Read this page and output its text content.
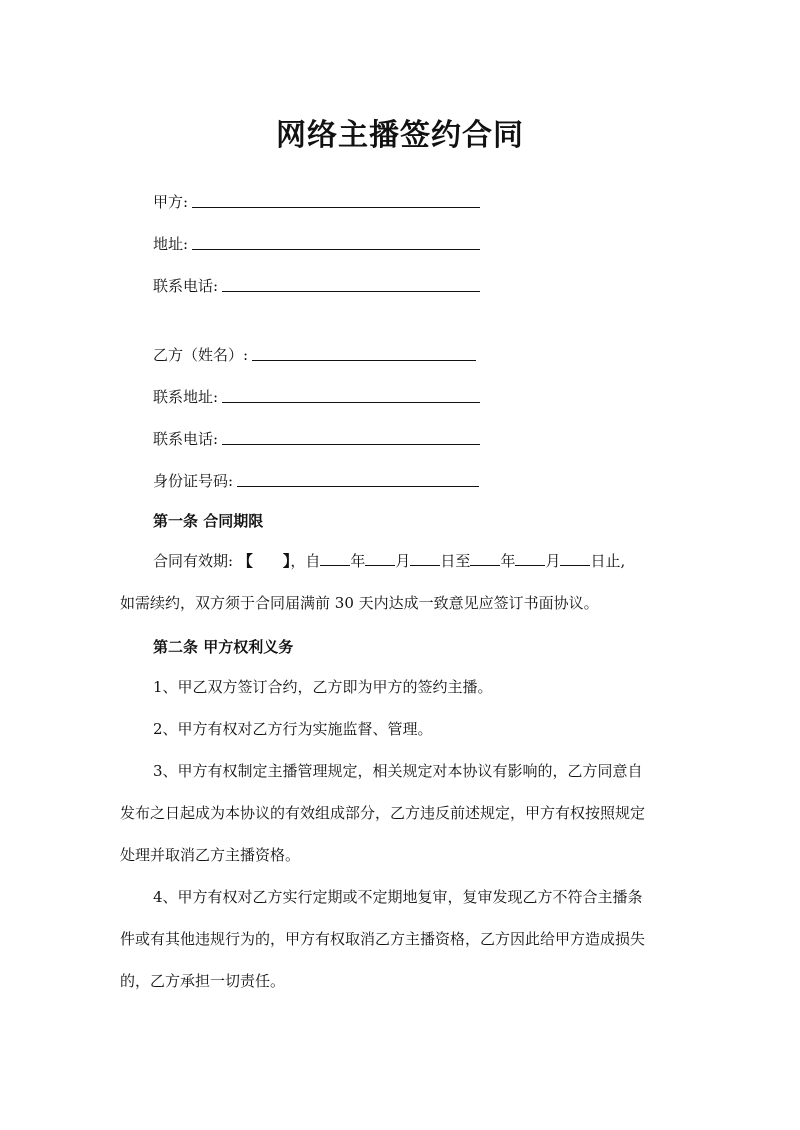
网络主播签约合同
甲方:
地址:
联系电话:
乙方（姓名）:
联系地址:
联系电话:
身份证号码:
第一条 合同期限
合同有效期: 【 】，自 年 月 日至 年 月 日止,
如需续约，双方须于合同届满前 30 天内达成一致意见应签订书面协议。
第二条 甲方权利义务
1、甲乙双方签订合约，乙方即为甲方的签约主播。
2、甲方有权对乙方行为实施监督、管理。
3、甲方有权制定主播管理规定，相关规定对本协议有影响的，乙方同意自
发布之日起成为本协议的有效组成部分，乙方违反前述规定，甲方有权按照规定
处理并取消乙方主播资格。
4、甲方有权对乙方实行定期或不定期地复审，复审发现乙方不符合主播条
件或有其他违规行为的，甲方有权取消乙方主播资格，乙方因此给甲方造成损失
的，乙方承担一切责任。
